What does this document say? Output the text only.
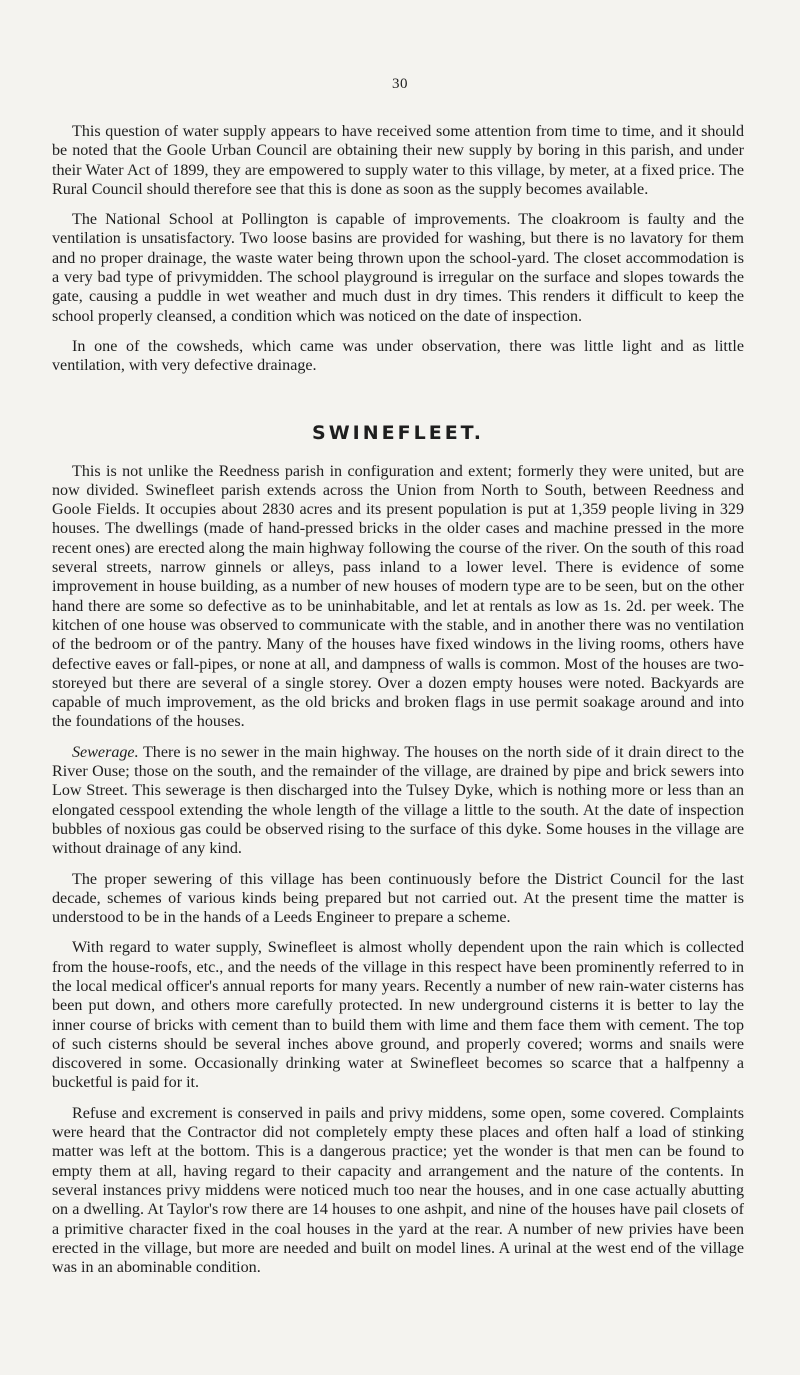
30

This question of water supply appears to have received some attention from time to time, and it should be noted that the Goole Urban Council are obtaining their new supply by boring in this parish, and under their Water Act of 1899, they are empowered to supply water to this village, by meter, at a fixed price. The Rural Council should therefore see that this is done as soon as the supply becomes available.

The National School at Pollington is capable of improvements. The cloakroom is faulty and the ventilation is unsatisfactory. Two loose basins are provided for washing, but there is no lavatory for them and no proper drainage, the waste water being thrown upon the school-yard. The closet accommodation is a very bad type of privymidden. The school playground is irregular on the surface and slopes towards the gate, causing a puddle in wet weather and much dust in dry times. This renders it difficult to keep the school properly cleansed, a condition which was noticed on the date of inspection.

In one of the cowsheds, which came was under observation, there was little light and as little ventilation, with very defective drainage.

SWINEFLEET.

This is not unlike the Reedness parish in configuration and extent; formerly they were united, but are now divided. Swinefleet parish extends across the Union from North to South, between Reedness and Goole Fields. It occupies about 2830 acres and its present population is put at 1,359 people living in 329 houses. The dwellings (made of hand-pressed bricks in the older cases and machine pressed in the more recent ones) are erected along the main highway following the course of the river. On the south of this road several streets, narrow ginnels or alleys, pass inland to a lower level. There is evidence of some improvement in house building, as a number of new houses of modern type are to be seen, but on the other hand there are some so defective as to be uninhabitable, and let at rentals as low as 1s. 2d. per week. The kitchen of one house was observed to communicate with the stable, and in another there was no ventilation of the bedroom or of the pantry. Many of the houses have fixed windows in the living rooms, others have defective eaves or fall-pipes, or none at all, and dampness of walls is common. Most of the houses are two-storeyed but there are several of a single storey. Over a dozen empty houses were noted. Backyards are capable of much improvement, as the old bricks and broken flags in use permit soakage around and into the foundations of the houses.

Sewerage. There is no sewer in the main highway. The houses on the north side of it drain direct to the River Ouse; those on the south, and the remainder of the village, are drained by pipe and brick sewers into Low Street. This sewerage is then discharged into the Tulsey Dyke, which is nothing more or less than an elongated cesspool extending the whole length of the village a little to the south. At the date of inspection bubbles of noxious gas could be observed rising to the surface of this dyke. Some houses in the village are without drainage of any kind.

The proper sewering of this village has been continuously before the District Council for the last decade, schemes of various kinds being prepared but not carried out. At the present time the matter is understood to be in the hands of a Leeds Engineer to prepare a scheme.

With regard to water supply, Swinefleet is almost wholly dependent upon the rain which is collected from the house-roofs, etc., and the needs of the village in this respect have been prominently referred to in the local medical officer's annual reports for many years. Recently a number of new rain-water cisterns has been put down, and others more carefully protected. In new underground cisterns it is better to lay the inner course of bricks with cement than to build them with lime and them face them with cement. The top of such cisterns should be several inches above ground, and properly covered; worms and snails were discovered in some. Occasionally drinking water at Swinefleet becomes so scarce that a halfpenny a bucketful is paid for it.

Refuse and excrement is conserved in pails and privy middens, some open, some covered. Complaints were heard that the Contractor did not completely empty these places and often half a load of stinking matter was left at the bottom. This is a dangerous practice; yet the wonder is that men can be found to empty them at all, having regard to their capacity and arrangement and the nature of the contents. In several instances privy middens were noticed much too near the houses, and in one case actually abutting on a dwelling. At Taylor's row there are 14 houses to one ashpit, and nine of the houses have pail closets of a primitive character fixed in the coal houses in the yard at the rear. A number of new privies have been erected in the village, but more are needed and built on model lines. A urinal at the west end of the village was in an abominable condition.
